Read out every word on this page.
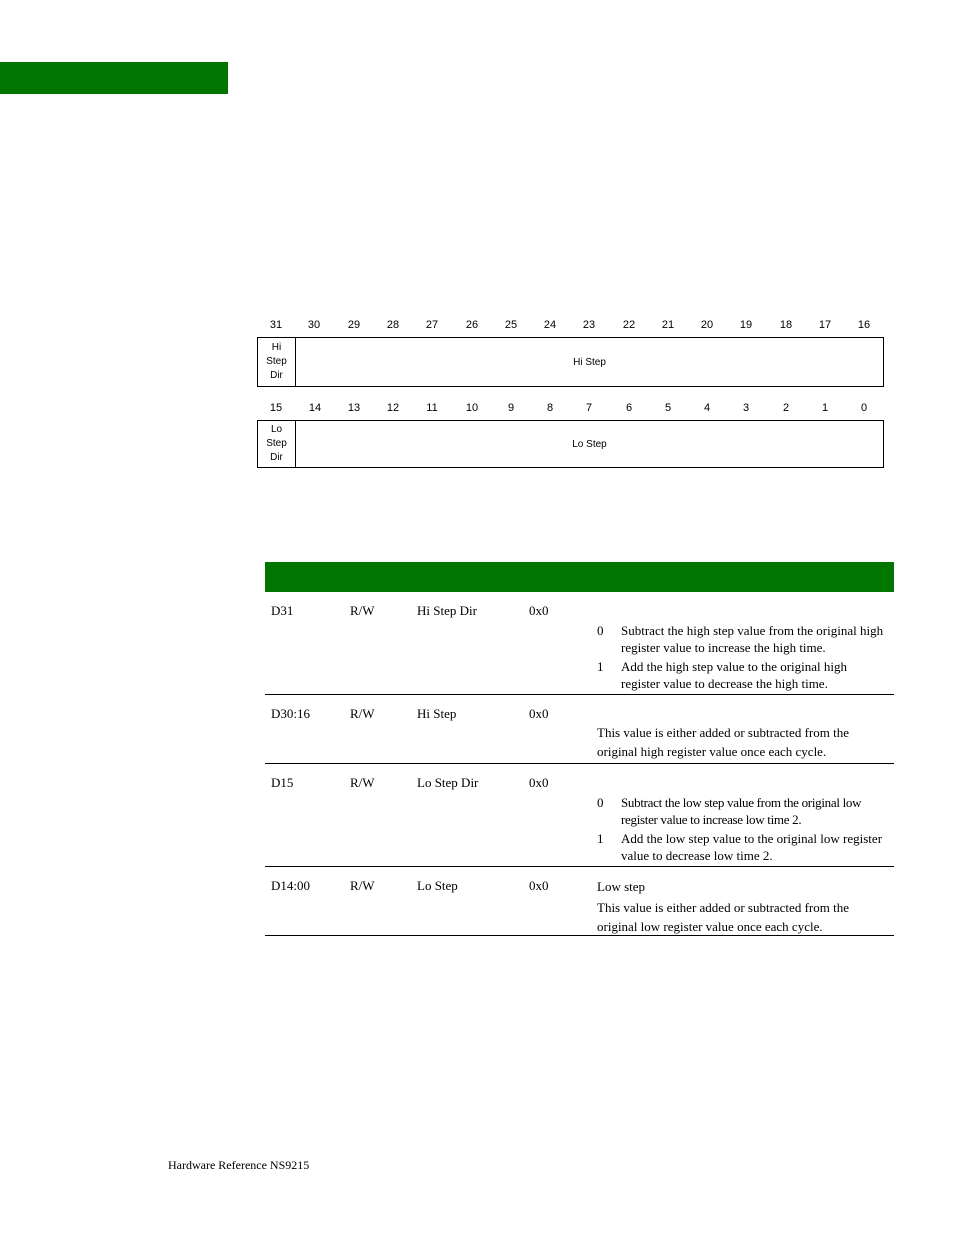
31	30	29	28	27	26	25	24	23	22	21	20	19	18	17	16
Hi
Step
Dir
Hi Step
15	14	13	12	11	10	9	8	7	6	5	4	3	2	1	0
Lo
Step
Dir
Lo Step
D31	R/W	Hi Step Dir	0x0
0 Subtract the high step value from the original high register value to increase the high time.
1 Add the high step value to the original high register value to decrease the high time.
D30:16	R/W	Hi Step	0x0
This value is either added or subtracted from the original high register value once each cycle.
D15	R/W	Lo Step Dir	0x0
0 Subtract the low step value from the original low register value to increase low time 2.
1 Add the low step value to the original low register value to decrease low time 2.
D14:00	R/W	Lo Step	0x0	Low step
This value is either added or subtracted from the original low register value once each cycle.
Hardware Reference NS9215
